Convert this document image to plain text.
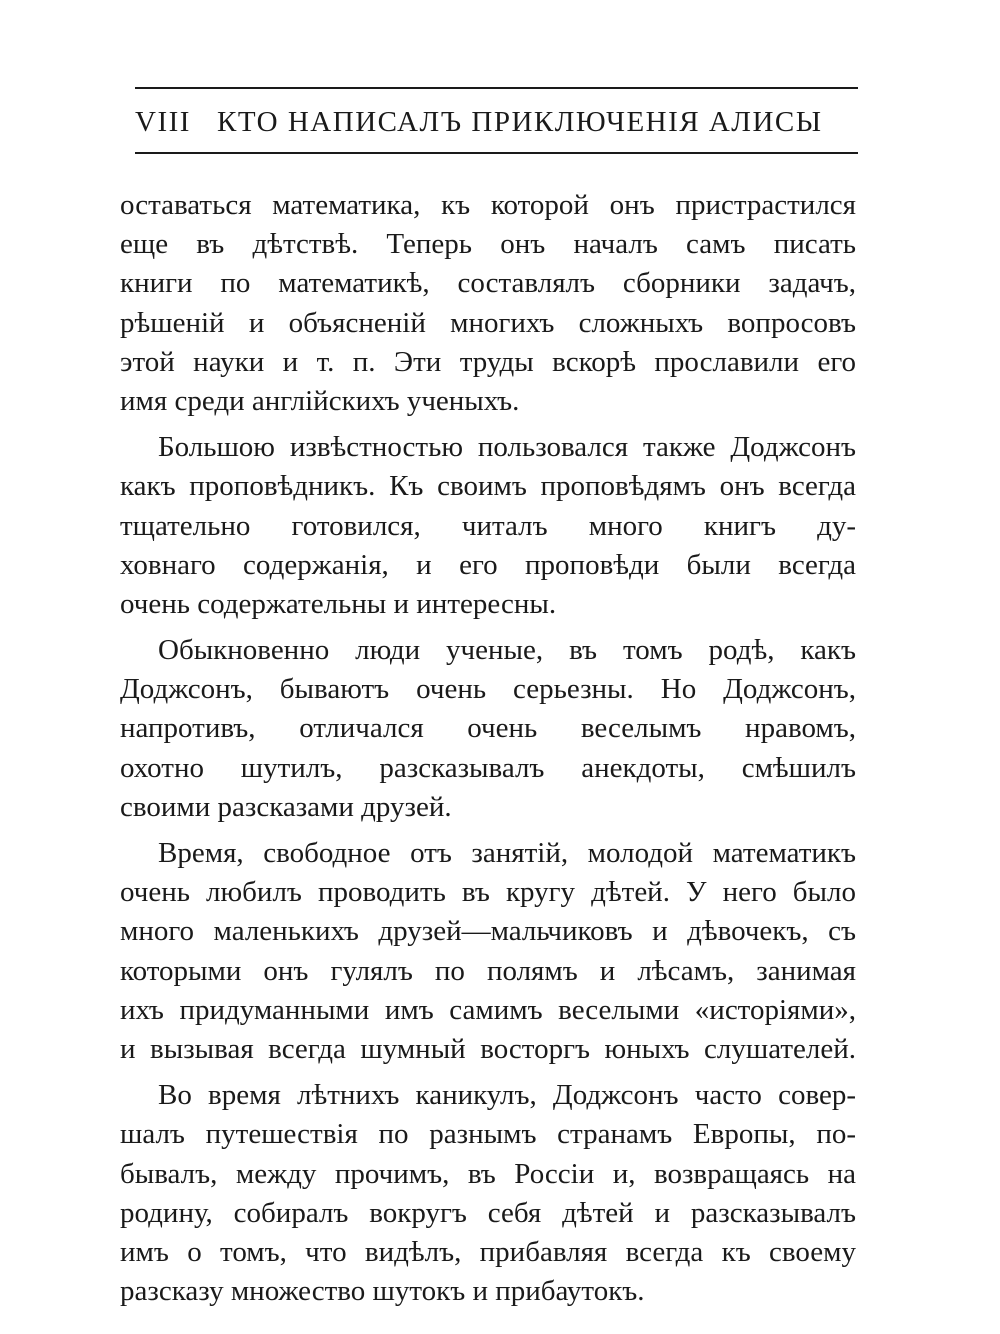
VIII КТО НАПИСАЛЪ ПРИКЛЮЧЕНІЯ АЛИСЫ
оставаться математика, къ которой онъ пристрастился
еще въ дѣтствѣ. Теперь онъ началъ самъ писать
книги по математикѣ, составлялъ сборники задачъ,
рѣшеній и объясненій многихъ сложныхъ вопросовъ
этой науки и т. п. Эти труды вскорѣ прославили его
имя среди англійскихъ ученыхъ.
Большою извѣстностью пользовался также Доджсонъ
какъ проповѣдникъ. Къ своимъ проповѣдямъ онъ всегда
тщательно готовился, читалъ много книгъ ду-
ховнаго содержанія, и его проповѣди были всегда
очень содержательны и интересны.
Обыкновенно люди ученые, въ томъ родѣ, какъ
Доджсонъ, бываютъ очень серьезны. Но Доджсонъ,
напротивъ, отличался очень веселымъ нравомъ,
охотно шутилъ, разсказывалъ анекдоты, смѣшилъ
своими разсказами друзей.
Время, свободное отъ занятій, молодой математикъ
очень любилъ проводить въ кругу дѣтей. У него было
много маленькихъ друзей—мальчиковъ и дѣвочекъ, съ
которыми онъ гулялъ по полямъ и лѣсамъ, занимая
ихъ придуманными имъ самимъ веселыми «исторіями»,
и вызывая всегда шумный восторгъ юныхъ слушателей.
Во время лѣтнихъ каникулъ, Доджсонъ часто совер-
шалъ путешествія по разнымъ странамъ Европы, по-
бывалъ, между прочимъ, въ Россіи и, возвращаясь на
родину, собиралъ вокругъ себя дѣтей и разсказывалъ
имъ о томъ, что видѣлъ, прибавляя всегда къ своему
разсказу множество шутокъ и прибаутокъ.
